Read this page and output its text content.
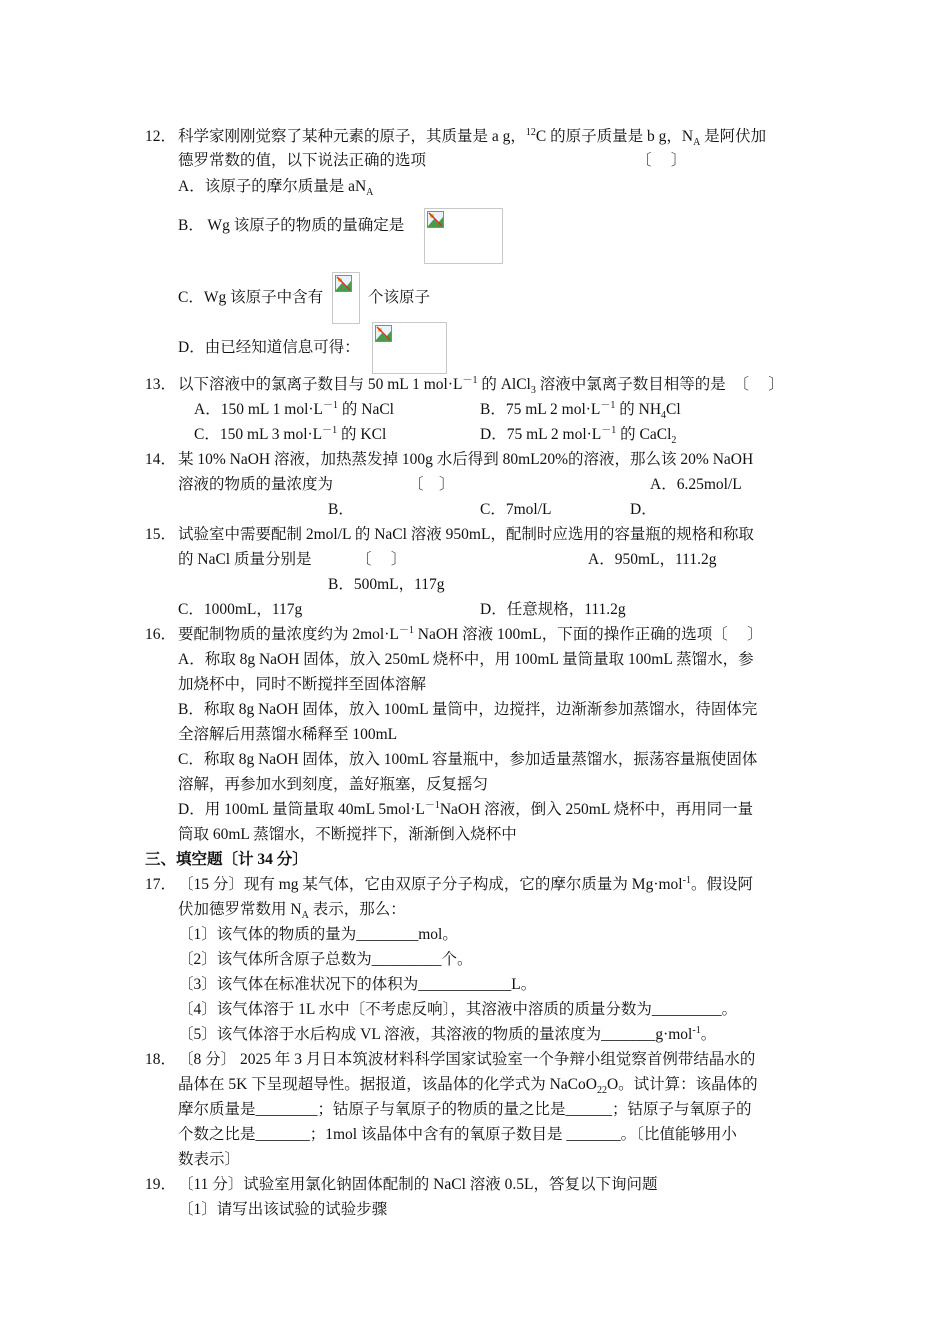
12． 科学家刚刚觉察了某种元素的原子，其质量是 a g，$^{12}$C 的原子质量是 b g，$N_A$ 是阿伏加
德罗常数的值，以下说法正确的选项	〔　 〕
A．该原子的摩尔质量是 $aN_A$
B． Wg 该原子的物质的量确定是
C．Wg 该原子中含有	个该原子
D．由已经知道信息可得：
13． 以下溶液中的氯离子数目与 50 mL 1 $mol\cdot L^{-1}$ 的 AlCl$_3$ 溶液中氯离子数目相等的是　〔　 〕
A．150 mL 1 $mol\cdot L^{-1}$ 的 NaCl	B．75 mL 2 $mol\cdot L^{-1}$ 的 $NH_4Cl$
C．150 mL 3 $mol\cdot L^{-1}$ 的 KCl	D．75 mL 2 $mol\cdot L^{-1}$ 的 CaCl$_2$
14． 某 10% NaOH 溶液，加热蒸发掉 100g 水后得到 80mL20%的溶液，那么该 20% NaOH
溶液的物质的量浓度为	〔　〕	A．6.25mol/L
B．	C．7mol/L	D．
15． 试验室中需要配制 2mol/L 的 NaCl 溶液 950mL，配制时应选用的容量瓶的规格和称取
的 NaCl 质量分别是	〔　 〕	A．950mL，111.2g
B．500mL，117g
C．1000mL，117g	D．任意规格，111.2g
16． 要配制物质的量浓度约为 $2mol\cdot L^{-1}$ NaOH 溶液 100mL，下面的操作正确的选项〔　 〕
A．称取 8g NaOH 固体，放入 250mL 烧杯中，用 100mL 量筒量取 100mL 蒸馏水，参
加烧杯中，同时不断搅拌至固体溶解
B．称取 8g NaOH 固体，放入 100mL 量筒中，边搅拌，边渐渐参加蒸馏水，待固体完
全溶解后用蒸馏水稀释至 100mL
C．称取 8g NaOH 固体，放入 100mL 容量瓶中，参加适量蒸馏水，振荡容量瓶使固体
溶解，再参加水到刻度，盖好瓶塞，反复摇匀
D．用 100mL 量筒量取 40mL $5mol\cdot L^{-1}NaOH$ 溶液，倒入 250mL 烧杯中，再用同一量
筒取 60mL 蒸馏水，不断搅拌下，渐渐倒入烧杯中
三、填空题〔计 34 分〕
17． 〔15 分〕现有 mg 某气体，它由双原子分子构成，它的摩尔质量为 Mg·mol$^{-1}$。假设阿
伏加德罗常数用 $N_A$ 表示，那么：
〔1〕该气体的物质的量为________mol。
〔2〕该气体所含原子总数为_________个。
〔3〕该气体在标准状况下的体积为____________L。
〔4〕该气体溶于 1L 水中〔不考虑反响〕，其溶液中溶质的质量分数为_________。
〔5〕该气体溶于水后构成 VL 溶液，其溶液的物质的量浓度为_______g·mol$^{-1}$。
18． 〔8 分〕 2025 年 3 月日本筑波材料科学国家试验室一个争辩小组觉察首例带结晶水的
晶体在 5K 下呈现超导性。据报道，该晶体的化学式为 NaCoO$_{22}$O。试计算：该晶体的
摩尔质量是________；钴原子与氧原子的物质的量之比是______；钴原子与氧原子的
个数之比是_______；1mol 该晶体中含有的氧原子数目是 _______。〔比值能够用小
数表示〕
19． 〔11 分〕试验室用氯化钠固体配制的 NaCl 溶液 0.5L，答复以下询问题
〔1〕请写出该试验的试验步骤
